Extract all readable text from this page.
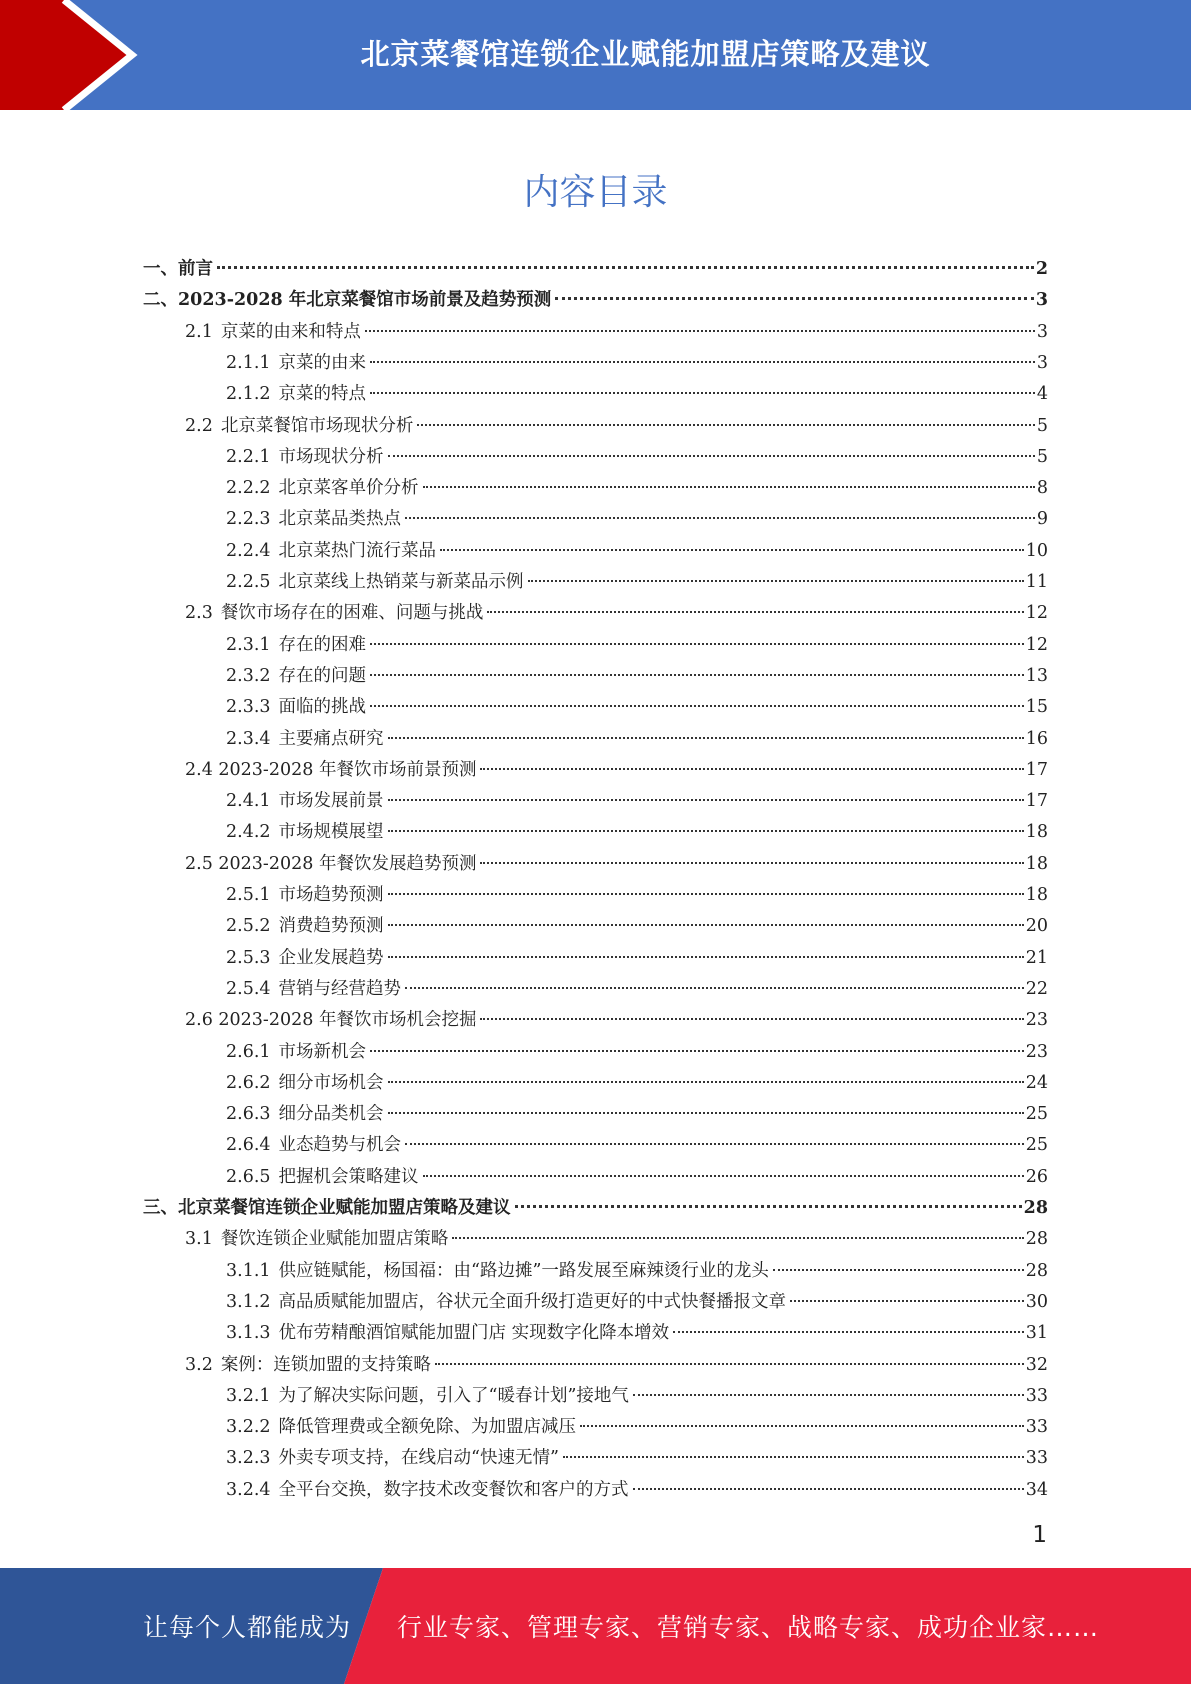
北京菜餐馆连锁企业赋能加盟店策略及建议
内容目录
一、前言	2
二、2023-2028 年北京菜餐馆市场前景及趋势预测	3
2.1 京菜的由来和特点	3
2.1.1 京菜的由来	3
2.1.2 京菜的特点	4
2.2 北京菜餐馆市场现状分析	5
2.2.1 市场现状分析	5
2.2.2 北京菜客单价分析	8
2.2.3 北京菜品类热点	9
2.2.4 北京菜热门流行菜品	10
2.2.5 北京菜线上热销菜与新菜品示例	11
2.3 餐饮市场存在的困难、问题与挑战	12
2.3.1 存在的困难	12
2.3.2 存在的问题	13
2.3.3 面临的挑战	15
2.3.4 主要痛点研究	16
2.4 2023-2028 年餐饮市场前景预测	17
2.4.1 市场发展前景	17
2.4.2 市场规模展望	18
2.5 2023-2028 年餐饮发展趋势预测	18
2.5.1 市场趋势预测	18
2.5.2 消费趋势预测	20
2.5.3 企业发展趋势	21
2.5.4 营销与经营趋势	22
2.6 2023-2028 年餐饮市场机会挖掘	23
2.6.1 市场新机会	23
2.6.2 细分市场机会	24
2.6.3 细分品类机会	25
2.6.4 业态趋势与机会	25
2.6.5 把握机会策略建议	26
三、北京菜餐馆连锁企业赋能加盟店策略及建议	28
3.1 餐饮连锁企业赋能加盟店策略	28
3.1.1 供应链赋能，杨国福：由“路边摊”一路发展至麻辣烫行业的龙头	28
3.1.2 高品质赋能加盟店，谷状元全面升级打造更好的中式快餐播报文章	30
3.1.3 优布劳精酿酒馆赋能加盟门店 实现数字化降本增效	31
3.2 案例：连锁加盟的支持策略	32
3.2.1 为了解决实际问题，引入了“暖春计划”接地气	33
3.2.2 降低管理费或全额免除、为加盟店减压	33
3.2.3 外卖专项支持，在线启动“快速无情”	33
3.2.4 全平台交换，数字技术改变餐饮和客户的方式	34
1
让每个人都能成为 行业专家、管理专家、营销专家、战略专家、成功企业家……
